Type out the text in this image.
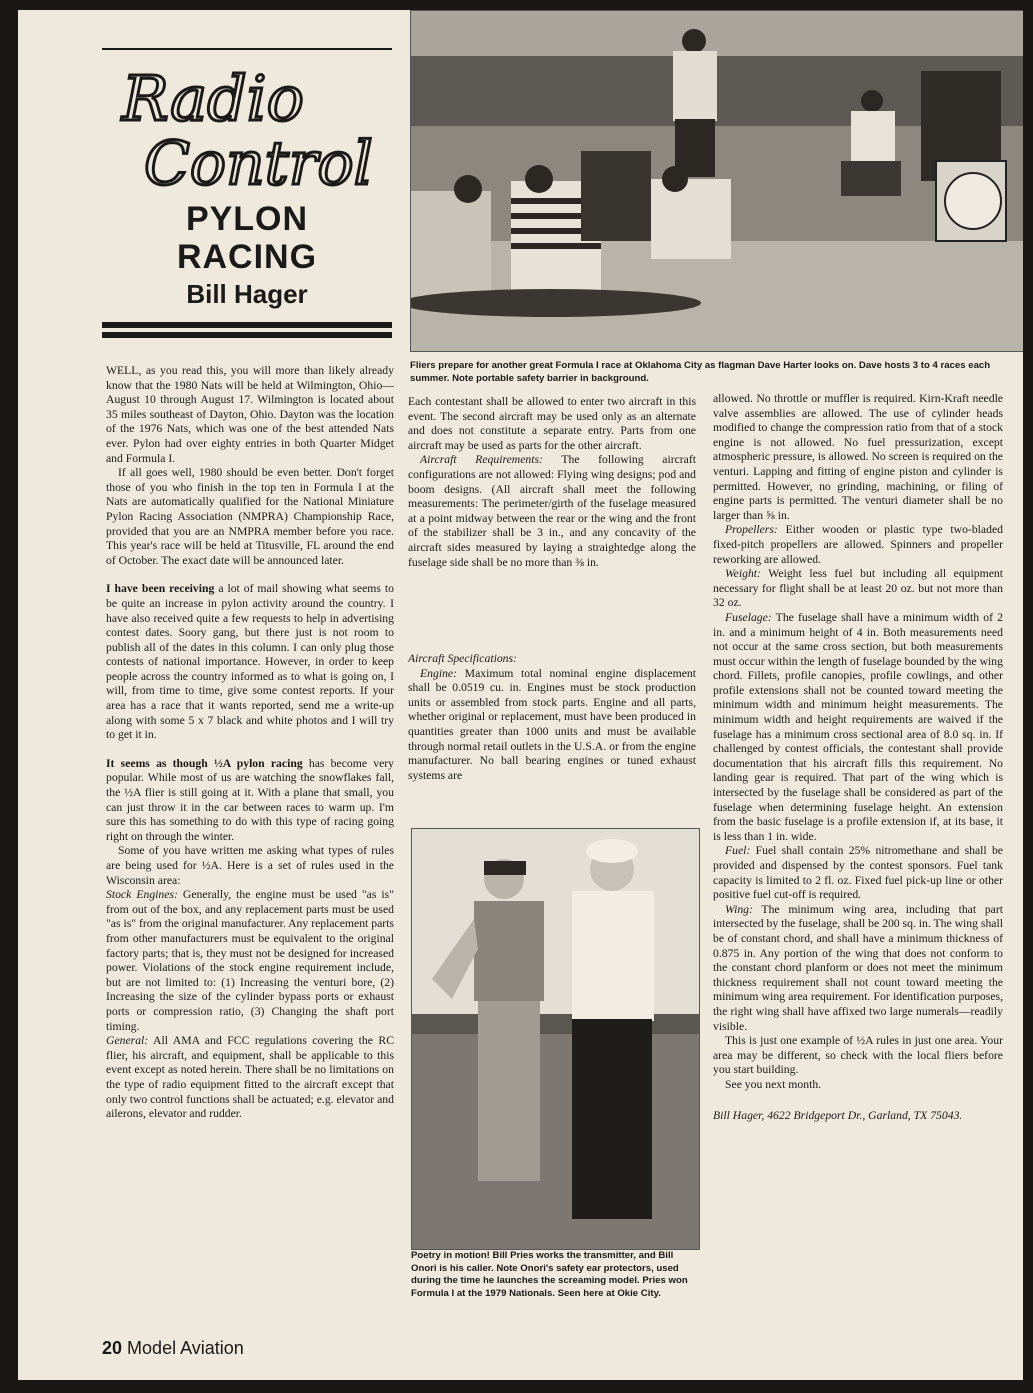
Radio
Control
PYLON
RACING
Bill Hager
Fliers prepare for another great Formula I race at Oklahoma City as flagman Dave Harter looks on. Dave hosts 3 to 4 races each summer. Note portable safety barrier in background.
Poetry in motion! Bill Pries works the transmitter, and Bill Onori is his caller. Note Onori's safety ear protectors, used during the time he launches the screaming model. Pries won Formula I at the 1979 Nationals. Seen here at Okie City.

WELL, as you read this, you will more than likely already know that the 1980 Nats will be held at Wilmington, Ohio—August 10 through August 17. Wilmington is located about 35 miles southeast of Dayton, Ohio. Dayton was the location of the 1976 Nats, which was one of the best attended Nats ever. Pylon had over eighty entries in both Quarter Midget and Formula I.

If all goes well, 1980 should be even better. Don't forget those of you who finish in the top ten in Formula I at the Nats are automatically qualified for the National Miniature Pylon Racing Association (NMPRA) Championship Race, provided that you are an NMPRA member before you race. This year's race will be held at Titusville, FL around the end of October. The exact date will be announced later.

I have been receiving a lot of mail showing what seems to be quite an increase in pylon activity around the country. I have also received quite a few requests to help in advertising contest dates. Soory gang, but there just is not room to publish all of the dates in this column. I can only plug those contests of national importance. However, in order to keep people across the country informed as to what is going on, I will, from time to time, give some contest reports. If your area has a race that it wants reported, send me a write-up along with some 5 x 7 black and white photos and I will try to get it in.

It seems as though ½A pylon racing has become very popular. While most of us are watching the snowflakes fall, the ½A flier is still going at it. With a plane that small, you can just throw it in the car between races to warm up. I'm sure this has something to do with this type of racing going right on through the winter.

Some of you have written me asking what types of rules are being used for ½A. Here is a set of rules used in the Wisconsin area:

Stock Engines: Generally, the engine must be used "as is" from out of the box, and any replacement parts must be used "as is" from the original manufacturer. Any replacement parts from other manufacturers must be equivalent to the original factory parts; that is, they must not be designed for increased power. Violations of the stock engine requirement include, but are not limited to: (1) Increasing the venturi bore, (2) Increasing the size of the cylinder bypass ports or exhaust ports or compression ratio, (3) Changing the shaft port timing.

General: All AMA and FCC regulations covering the RC flier, his aircraft, and equipment, shall be applicable to this event except as noted herein. There shall be no limitations on the type of radio equipment fitted to the aircraft except that only two control functions shall be actuated; e.g. elevator and ailerons, elevator and rudder.

Each contestant shall be allowed to enter two aircraft in this event. The second aircraft may be used only as an alternate and does not constitute a separate entry. Parts from one aircraft may be used as parts for the other aircraft.

Aircraft Requirements: The following aircraft configurations are not allowed: Flying wing designs; pod and boom designs. (All aircraft shall meet the following measurements: The perimeter/girth of the fuselage measured at a point midway between the rear or the wing and the front of the stabilizer shall be 3 in., and any concavity of the aircraft sides measured by laying a straightedge along the fuselage side shall be no more than ⅜ in.

Aircraft Specifications:

Engine: Maximum total nominal engine displacement shall be 0.0519 cu. in. Engines must be stock production units or assembled from stock parts. Engine and all parts, whether original or replacement, must have been produced in quantities greater than 1000 units and must be available through normal retail outlets in the U.S.A. or from the engine manufacturer. No ball bearing engines or tuned exhaust systems are

allowed. No throttle or muffler is required. Kirn-Kraft needle valve assemblies are allowed. The use of cylinder heads modified to change the compression ratio from that of a stock engine is not allowed. No fuel pressurization, except atmospheric pressure, is allowed. No screen is required on the venturi. Lapping and fitting of engine piston and cylinder is permitted. However, no grinding, machining, or filing of engine parts is permitted. The venturi diameter shall be no larger than ⅝ in.

Propellers: Either wooden or plastic type two-bladed fixed-pitch propellers are allowed. Spinners and propeller reworking are allowed.

Weight: Weight less fuel but including all equipment necessary for flight shall be at least 20 oz. but not more than 32 oz.

Fuselage: The fuselage shall have a minimum width of 2 in. and a minimum height of 4 in. Both measurements need not occur at the same cross section, but both measurements must occur within the length of fuselage bounded by the wing chord. Fillets, profile canopies, profile cowlings, and other profile extensions shall not be counted toward meeting the minimum width and minimum height measurements. The minimum width and height requirements are waived if the fuselage has a minimum cross sectional area of 8.0 sq. in. If challenged by contest officials, the contestant shall provide documentation that his aircraft fills this requirement. No landing gear is required. That part of the wing which is intersected by the fuselage shall be considered as part of the fuselage when determining fuselage height. An extension from the basic fuselage is a profile extension if, at its base, it is less than 1 in. wide.

Fuel: Fuel shall contain 25% nitromethane and shall be provided and dispensed by the contest sponsors. Fuel tank capacity is limited to 2 fl. oz. Fixed fuel pick-up line or other positive fuel cut-off is required.

Wing: The minimum wing area, including that part intersected by the fuselage, shall be 200 sq. in. The wing shall be of constant chord, and shall have a minimum thickness of 0.875 in. Any portion of the wing that does not conform to the constant chord planform or does not meet the minimum thickness requirement shall not count toward meeting the minimum wing area requirement. For identification purposes, the right wing shall have affixed two large numerals—readily visible.

This is just one example of ½A rules in just one area. Your area may be different, so check with the local fliers before you start building.

See you next month.

Bill Hager, 4622 Bridgeport Dr., Garland, TX 75043.

20 Model Aviation
